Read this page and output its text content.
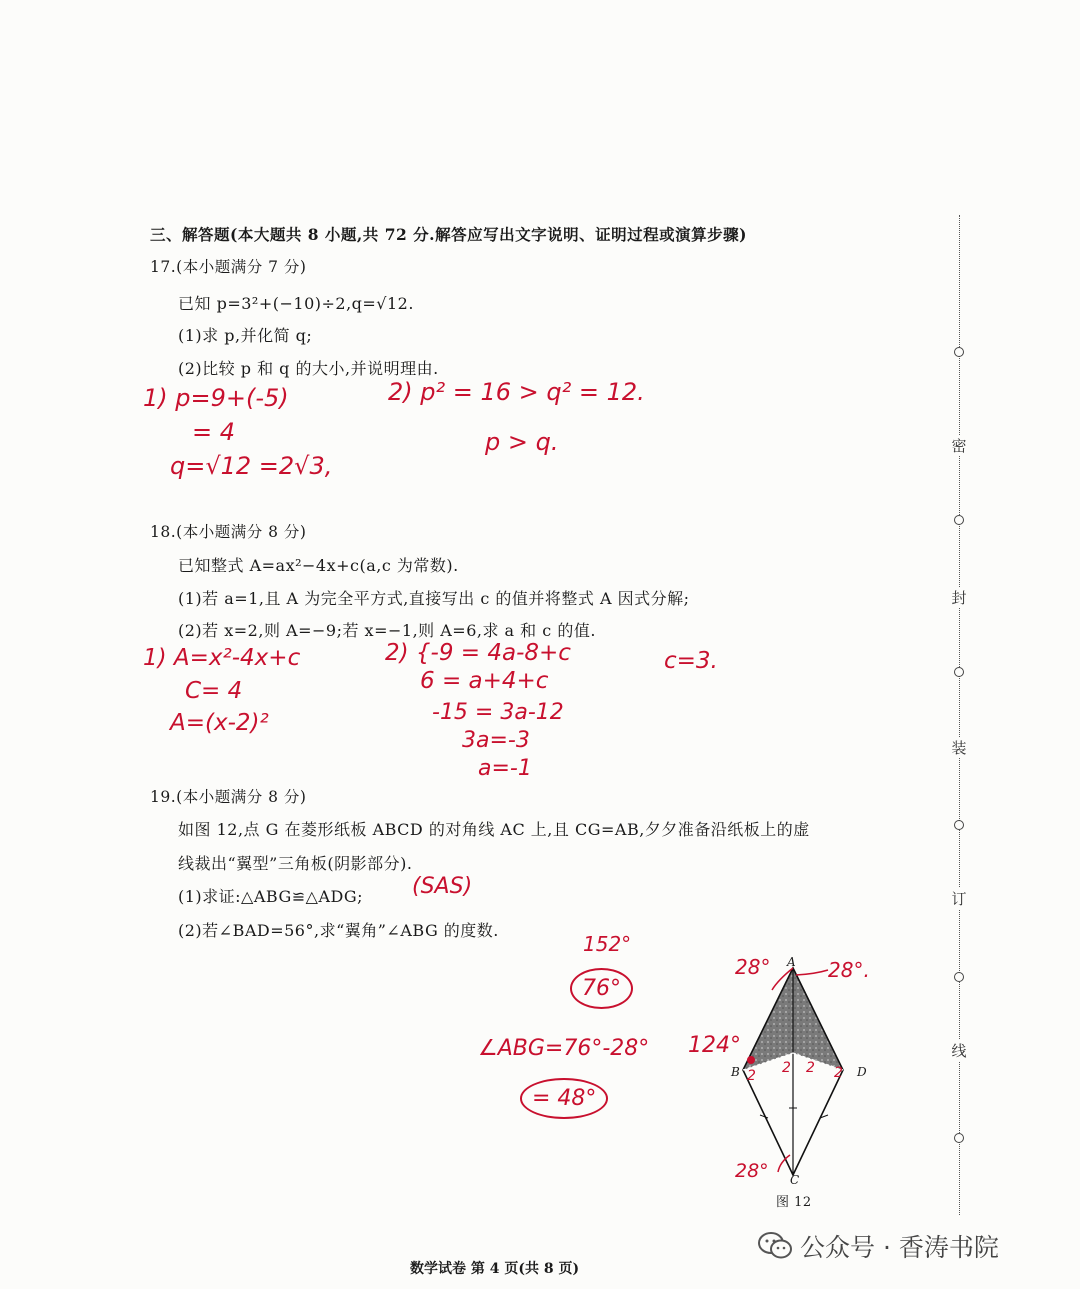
三、解答题(本大题共 8 小题,共 72 分.解答应写出文字说明、证明过程或演算步骤)
17.(本小题满分 7 分)
已知 p=3²+(−10)÷2,q=√12.
(1)求 p,并化简 q;
(2)比较 p 和 q 的大小,并说明理由.
1) p=9+(-5)
= 4
q=√12 =2√3,
2) p² = 16 > q² = 12.
p > q.
18.(本小题满分 8 分)
已知整式 A=ax²−4x+c(a,c 为常数).
(1)若 a=1,且 A 为完全平方式,直接写出 c 的值并将整式 A 因式分解;
(2)若 x=2,则 A=−9;若 x=−1,则 A=6,求 a 和 c 的值.
1) A=x²-4x+c
C= 4
A=(x-2)²
2) {-9 = 4a-8+c
6 = a+4+c
-15 = 3a-12
3a=-3
a=-1
c=3.
19.(本小题满分 8 分)
如图 12,点 G 在菱形纸板 ABCD 的对角线 AC 上,且 CG=AB,夕夕准备沿纸板上的虚
线裁出“翼型”三角板(阴影部分).
(1)求证:△ABG≌△ADG;
(2)若∠BAD=56°,求“翼角”∠ABG 的度数.
(SAS)
152°
76°
∠ABG=76°-28°
= 48°
A
B
C
D
图 12
28°	28°.
124°
28°
2 2 2 2
密
封
装
订
线
数学试卷 第 4 页(共 8 页)
公众号 · 香涛书院
